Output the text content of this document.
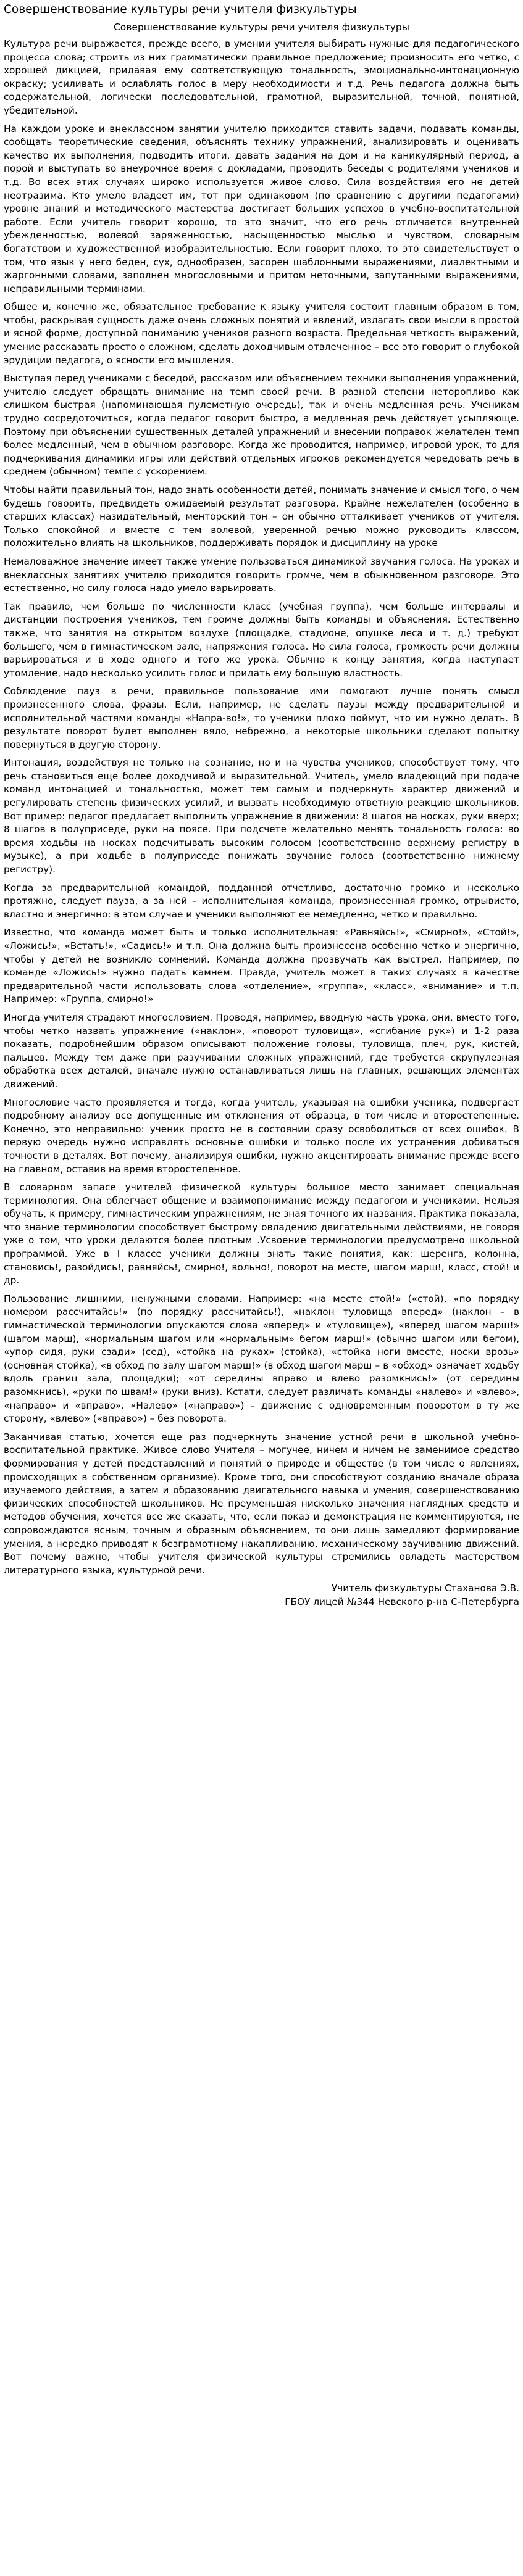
Совершенствование культуры речи учителя физкультуры

Совершенствование культуры речи учителя физкультуры

Культура речи выражается, прежде всего, в умении учителя выбирать нужные для педагогического процесса слова; строить из них грамматически правильное предложение; произносить его четко, с хорошей дикцией, придавая ему соответствующую тональность, эмоционально-интонационную окраску; усиливать и ослаблять голос в меру необходимости и т.д. Речь педагога должна быть содержательной, логически последовательной, грамотной, выразительной, точной, понятной, убедительной.

На каждом уроке и внеклассном занятии учителю приходится ставить задачи, подавать команды, сообщать теоретические сведения, объяснять технику упражнений, анализировать и оценивать качество их выполнения, подводить итоги, давать задания на дом и на каникулярный период, а порой и выступать во внеурочное время с докладами, проводить беседы с родителями учеников и т.д. Во всех этих случаях широко используется живое слово. Сила воздействия его не детей неотразима. Кто умело владеет им, тот при одинаковом (по сравнению с другими педагогами) уровне знаний и методического мастерства достигает больших успехов в учебно-воспитательной работе. Если учитель говорит хорошо, то это значит, что его речь отличается внутренней убежденностью, волевой заряженностью, насыщенностью мыслью и чувством, словарным богатством и художественной изобразительностью. Если говорит плохо, то это свидетельствует о том, что язык у него беден, сух, однообразен, засорен шаблонными выражениями, диалектными и жаргонными словами, заполнен многословными и притом неточными, запутанными выражениями, неправильными терминами.

Общее и, конечно же, обязательное требование к языку учителя состоит главным образом в том, чтобы, раскрывая сущность даже очень сложных понятий и явлений, излагать свои мысли в простой и ясной форме, доступной пониманию учеников разного возраста. Предельная четкость выражений, умение рассказать просто о сложном, сделать доходчивым отвлеченное – все это говорит о глубокой эрудиции педагога, о ясности его мышления.

Выступая перед учениками с беседой, рассказом или объяснением техники выполнения упражнений, учителю следует обращать внимание на темп своей речи. В разной степени неторопливо как слишком быстрая (напоминающая пулеметную очередь), так и очень медленная речь. Ученикам трудно сосредоточиться, когда педагог говорит быстро, а медленная речь действует усыпляюще. Поэтому при объяснении существенных деталей упражнений и внесении поправок желателен темп более медленный, чем в обычном разговоре. Когда же проводится, например, игровой урок, то для подчеркивания динамики игры или действий отдельных игроков рекомендуется чередовать речь в среднем (обычном) темпе с ускорением.

Чтобы найти правильный тон, надо знать особенности детей, понимать значение и смысл того, о чем будешь говорить, предвидеть ожидаемый результат разговора. Крайне нежелателен (особенно в старших классах) назидательный, менторский тон – он обычно отталкивает учеников от учителя. Только спокойной и вместе с тем волевой, уверенной речью можно руководить классом, положительно влиять на школьников, поддерживать порядок и дисциплину на уроке

Немаловажное значение имеет также умение пользоваться динамикой звучания голоса. На уроках и внеклассных занятиях учителю приходится говорить громче, чем в обыкновенном разговоре. Это естественно, но силу голоса надо умело варьировать.

Так правило, чем больше по численности класс (учебная группа), чем больше интервалы и дистанции построения учеников, тем громче должны быть команды и объяснения. Естественно также, что занятия на открытом воздухе (площадке, стадионе, опушке леса и т. д.) требуют большего, чем в гимнастическом зале, напряжения голоса. Но сила голоса, громкость речи должны варьироваться и в ходе одного и того же урока. Обычно к концу занятия, когда наступает утомление, надо несколько усилить голос и придать ему большую властность.

Соблюдение пауз в речи, правильное пользование ими помогают лучше понять смысл произнесенного слова, фразы. Если, например, не сделать паузы между предварительной и исполнительной частями команды «Напра-во!», то ученики плохо поймут, что им нужно делать. В результате поворот будет выполнен вяло, небрежно, а некоторые школьники сделают попытку повернуться в другую сторону.

Интонация, воздействуя не только на сознание, но и на чувства учеников, способствует тому, что речь становиться еще более доходчивой и выразительной. Учитель, умело владеющий при подаче команд интонацией и тональностью, может тем самым и подчеркнуть характер движений и регулировать степень физических усилий, и вызвать необходимую ответную реакцию школьников. Вот пример: педагог предлагает выполнить упражнение в движении: 8 шагов на носках, руки вверх; 8 шагов в полуприседе, руки на поясе. При подсчете желательно менять тональность голоса: во время ходьбы на носках подсчитывать высоким голосом (соответственно верхнему регистру в музыке), а при ходьбе в полуприседе понижать звучание голоса (соответственно нижнему регистру).

Когда за предварительной командой, подданной отчетливо, достаточно громко и несколько протяжно, следует пауза, а за ней – исполнительная команда, произнесенная громко, отрывисто, властно и энергично: в этом случае и ученики выполняют ее немедленно, четко и правильно.

Известно, что команда может быть и только исполнительная: «Равняйсь!», «Смирно!», «Стой!», «Ложись!», «Встать!», «Садись!» и т.п. Она должна быть произнесена особенно четко и энергично, чтобы у детей не возникло сомнений. Команда должна прозвучать как выстрел. Например, по команде «Ложись!» нужно падать камнем. Правда, учитель может в таких случаях в качестве предварительной части использовать слова «отделение», «группа», «класс», «внимание» и т.п. Например: «Группа, смирно!»

Иногда учителя страдают многословием. Проводя, например, вводную часть урока, они, вместо того, чтобы четко назвать упражнение («наклон», «поворот туловища», «сгибание рук») и 1-2 раза показать, подробнейшим образом описывают положение головы, туловища, плеч, рук, кистей, пальцев. Между тем даже при разучивании сложных упражнений, где требуется скрупулезная обработка всех деталей, вначале нужно останавливаться лишь на главных, решающих элементах движений.

Многословие часто проявляется и тогда, когда учитель, указывая на ошибки ученика, подвергает подробному анализу все допущенные им отклонения от образца, в том числе и второстепенные. Конечно, это неправильно: ученик просто не в состоянии сразу освободиться от всех ошибок. В первую очередь нужно исправлять основные ошибки и только после их устранения добиваться точности в деталях. Вот почему, анализируя ошибки, нужно акцентировать внимание прежде всего на главном, оставив на время второстепенное.

В словарном запасе учителей физической культуры большое место занимает специальная терминология. Она облегчает общение и взаимопонимание между педагогом и учениками. Нельзя обучать, к примеру, гимнастическим упражнениям, не зная точного их названия. Практика показала, что знание терминологии способствует быстрому овладению двигательными действиями, не говоря уже о том, что уроки делаются более плотным .Усвоение терминологии предусмотрено школьной программой. Уже в I классе ученики должны знать такие понятия, как: шеренга, колонна, становись!, разойдись!, равняйсь!, смирно!, вольно!, поворот на месте, шагом марш!, класс, стой! и др.

Пользование лишними, ненужными словами. Например: «на месте стой!» («стой), «по порядку номером рассчитайсь!» (по порядку рассчитайсь!), «наклон туловища вперед» (наклон – в гимнастической терминологии опускаются слова «вперед» и «туловище»), «вперед шагом марш!» (шагом марш), «нормальным шагом или «нормальным» бегом марш!» (обычно шагом или бегом), «упор сидя, руки сзади» (сед), «стойка на руках» (стойка), «стойка ноги вместе, носки врозь» (основная стойка), «в обход по залу шагом марш!» (в обход шагом марш – в «обход» означает ходьбу вдоль границ зала, площадки); «от середины вправо и влево разомкнись!» (от середины разомкнись), «руки по швам!» (руки вниз). Кстати, следует различать команды «налево» и «влево», «направо» и «вправо». «Налево» («направо») – движение с одновременным поворотом в ту же сторону, «влево» («вправо») – без поворота.

Заканчивая статью, хочется еще раз подчеркнуть значение устной речи в школьной учебно-воспитательной практике. Живое слово Учителя – могучее, ничем и ничем не заменимое средство формирования у детей представлений и понятий о природе и обществе (в том числе о явлениях, происходящих в собственном организме). Кроме того, они способствуют созданию вначале образа изучаемого действия, а затем и образованию двигательного навыка и умения, совершенствованию физических способностей школьников. Не преуменьшая нисколько значения наглядных средств и методов обучения, хочется все же сказать, что, если показ и демонстрация не комментируются, не сопровождаются ясным, точным и образным объяснением, то они лишь замедляют формирование умения, а нередко приводят к безграмотному накапливанию, механическому заучиванию движений. Вот почему важно, чтобы учителя физической культуры стремились овладеть мастерством литературного языка, культурной речи.

Учитель физкультуры Стаханова Э.В.

ГБОУ лицей №344 Невского р-на С-Петербурга
